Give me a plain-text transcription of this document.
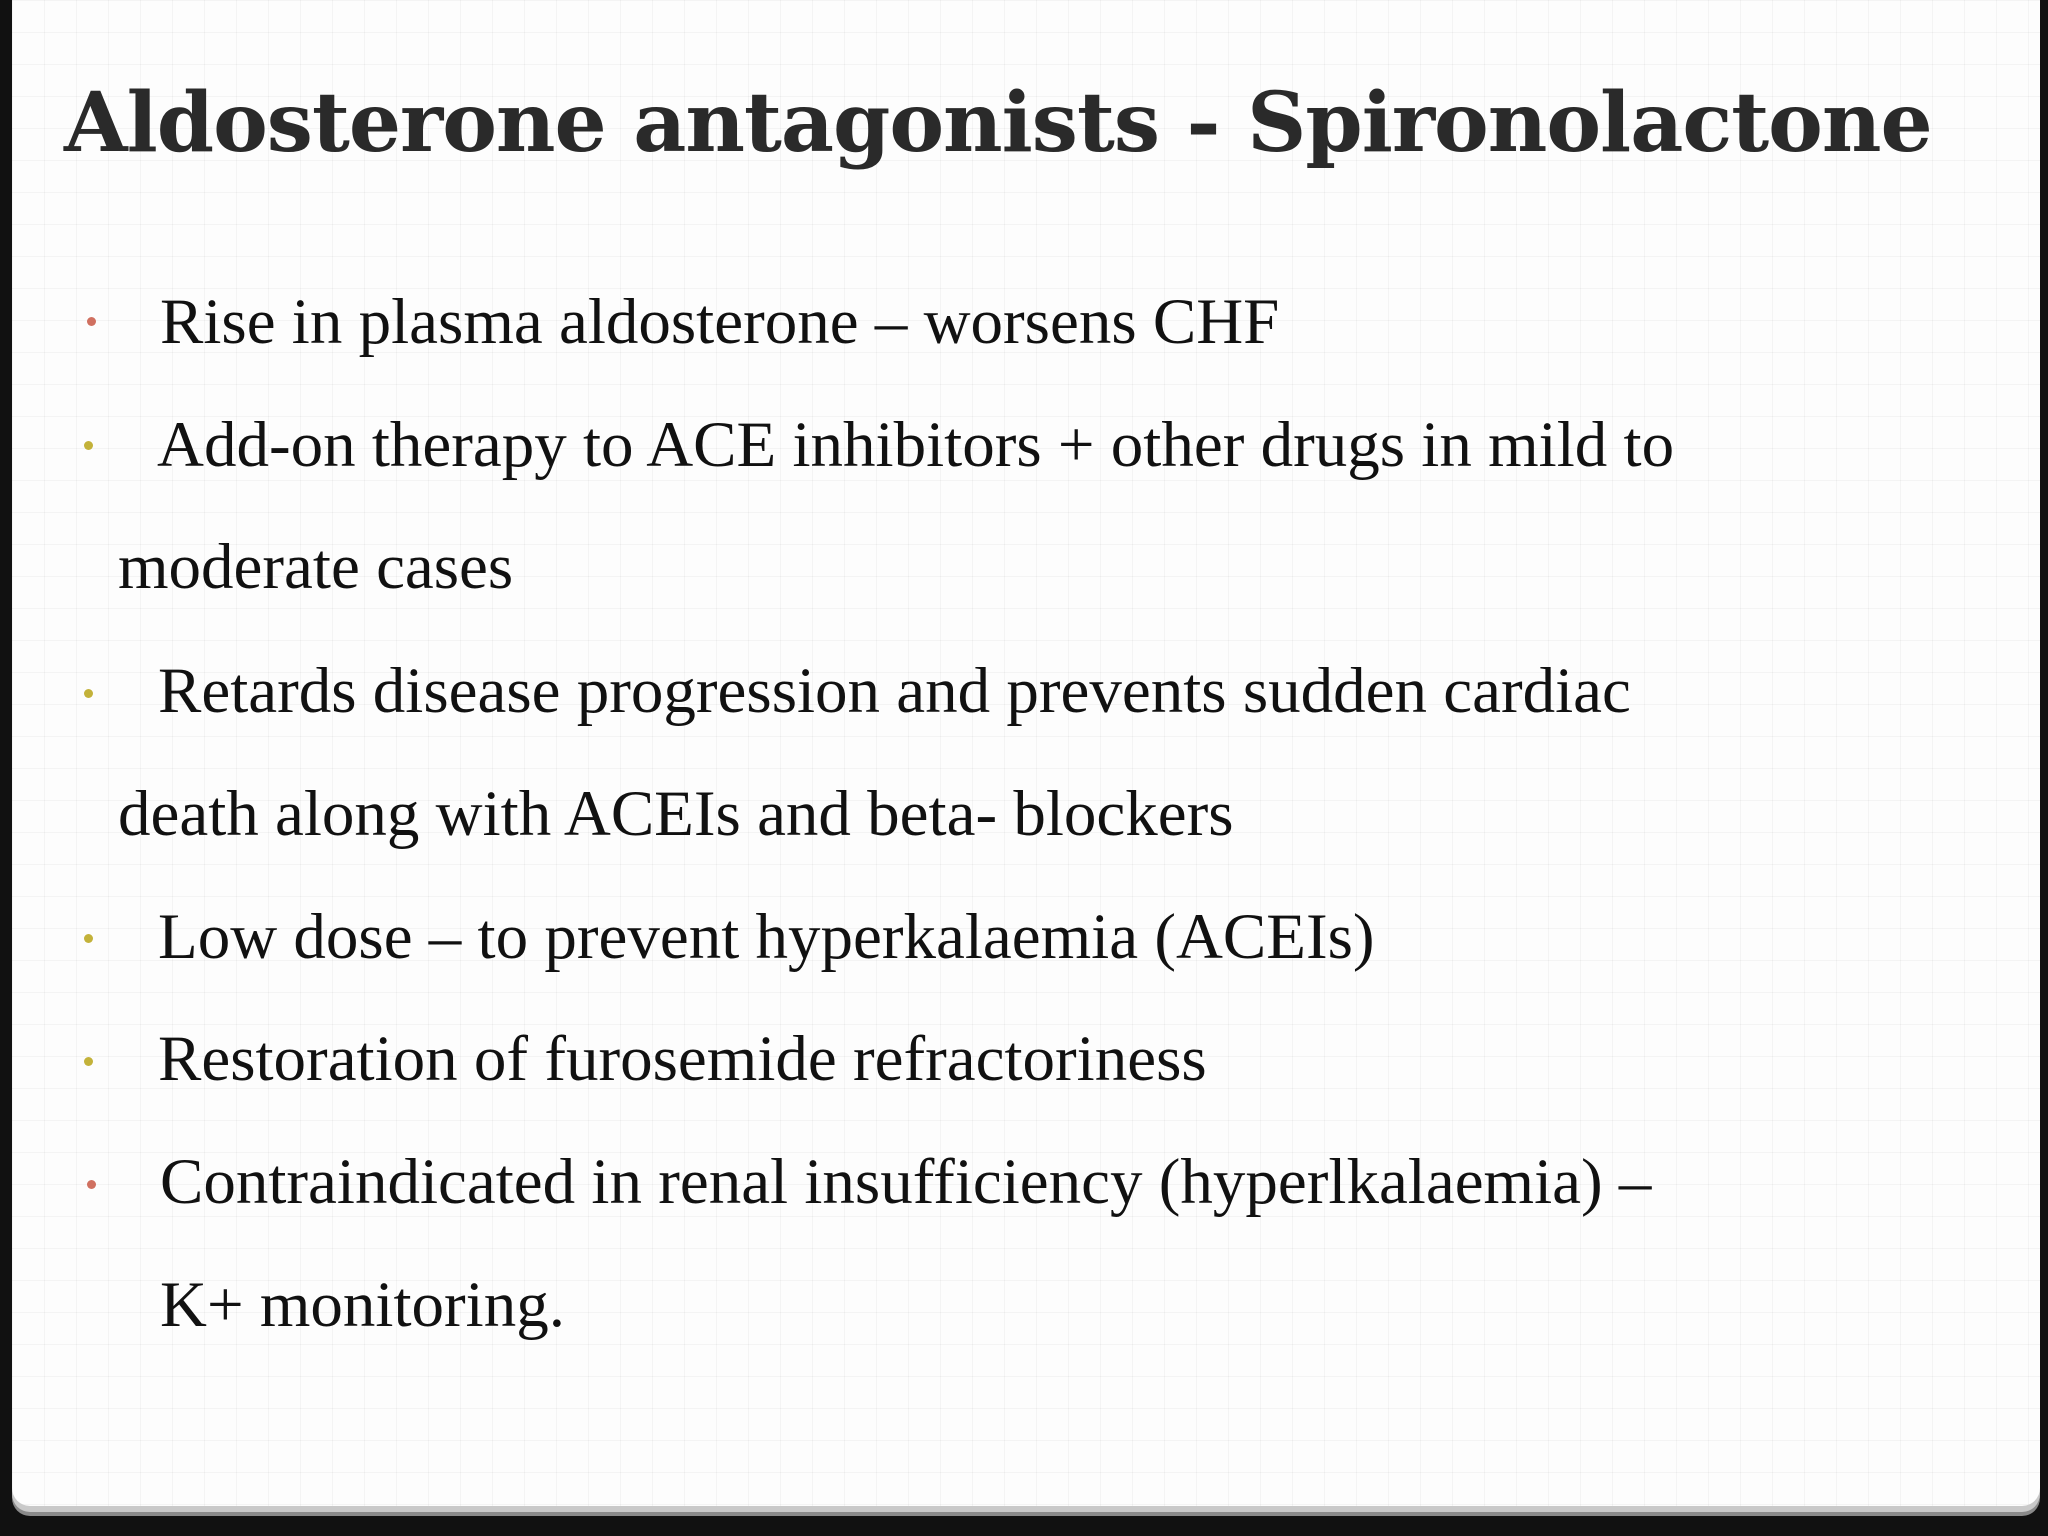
Aldosterone antagonists - Spironolactone
Rise in plasma aldosterone – worsens CHF
Add-on therapy to ACE inhibitors + other drugs in mild to
moderate cases
Retards disease progression and prevents sudden cardiac
death along with ACEIs and beta- blockers
Low dose – to prevent hyperkalaemia (ACEIs)
Restoration of furosemide refractoriness
Contraindicated in renal insufficiency (hyperlkalaemia) –
K+ monitoring.
